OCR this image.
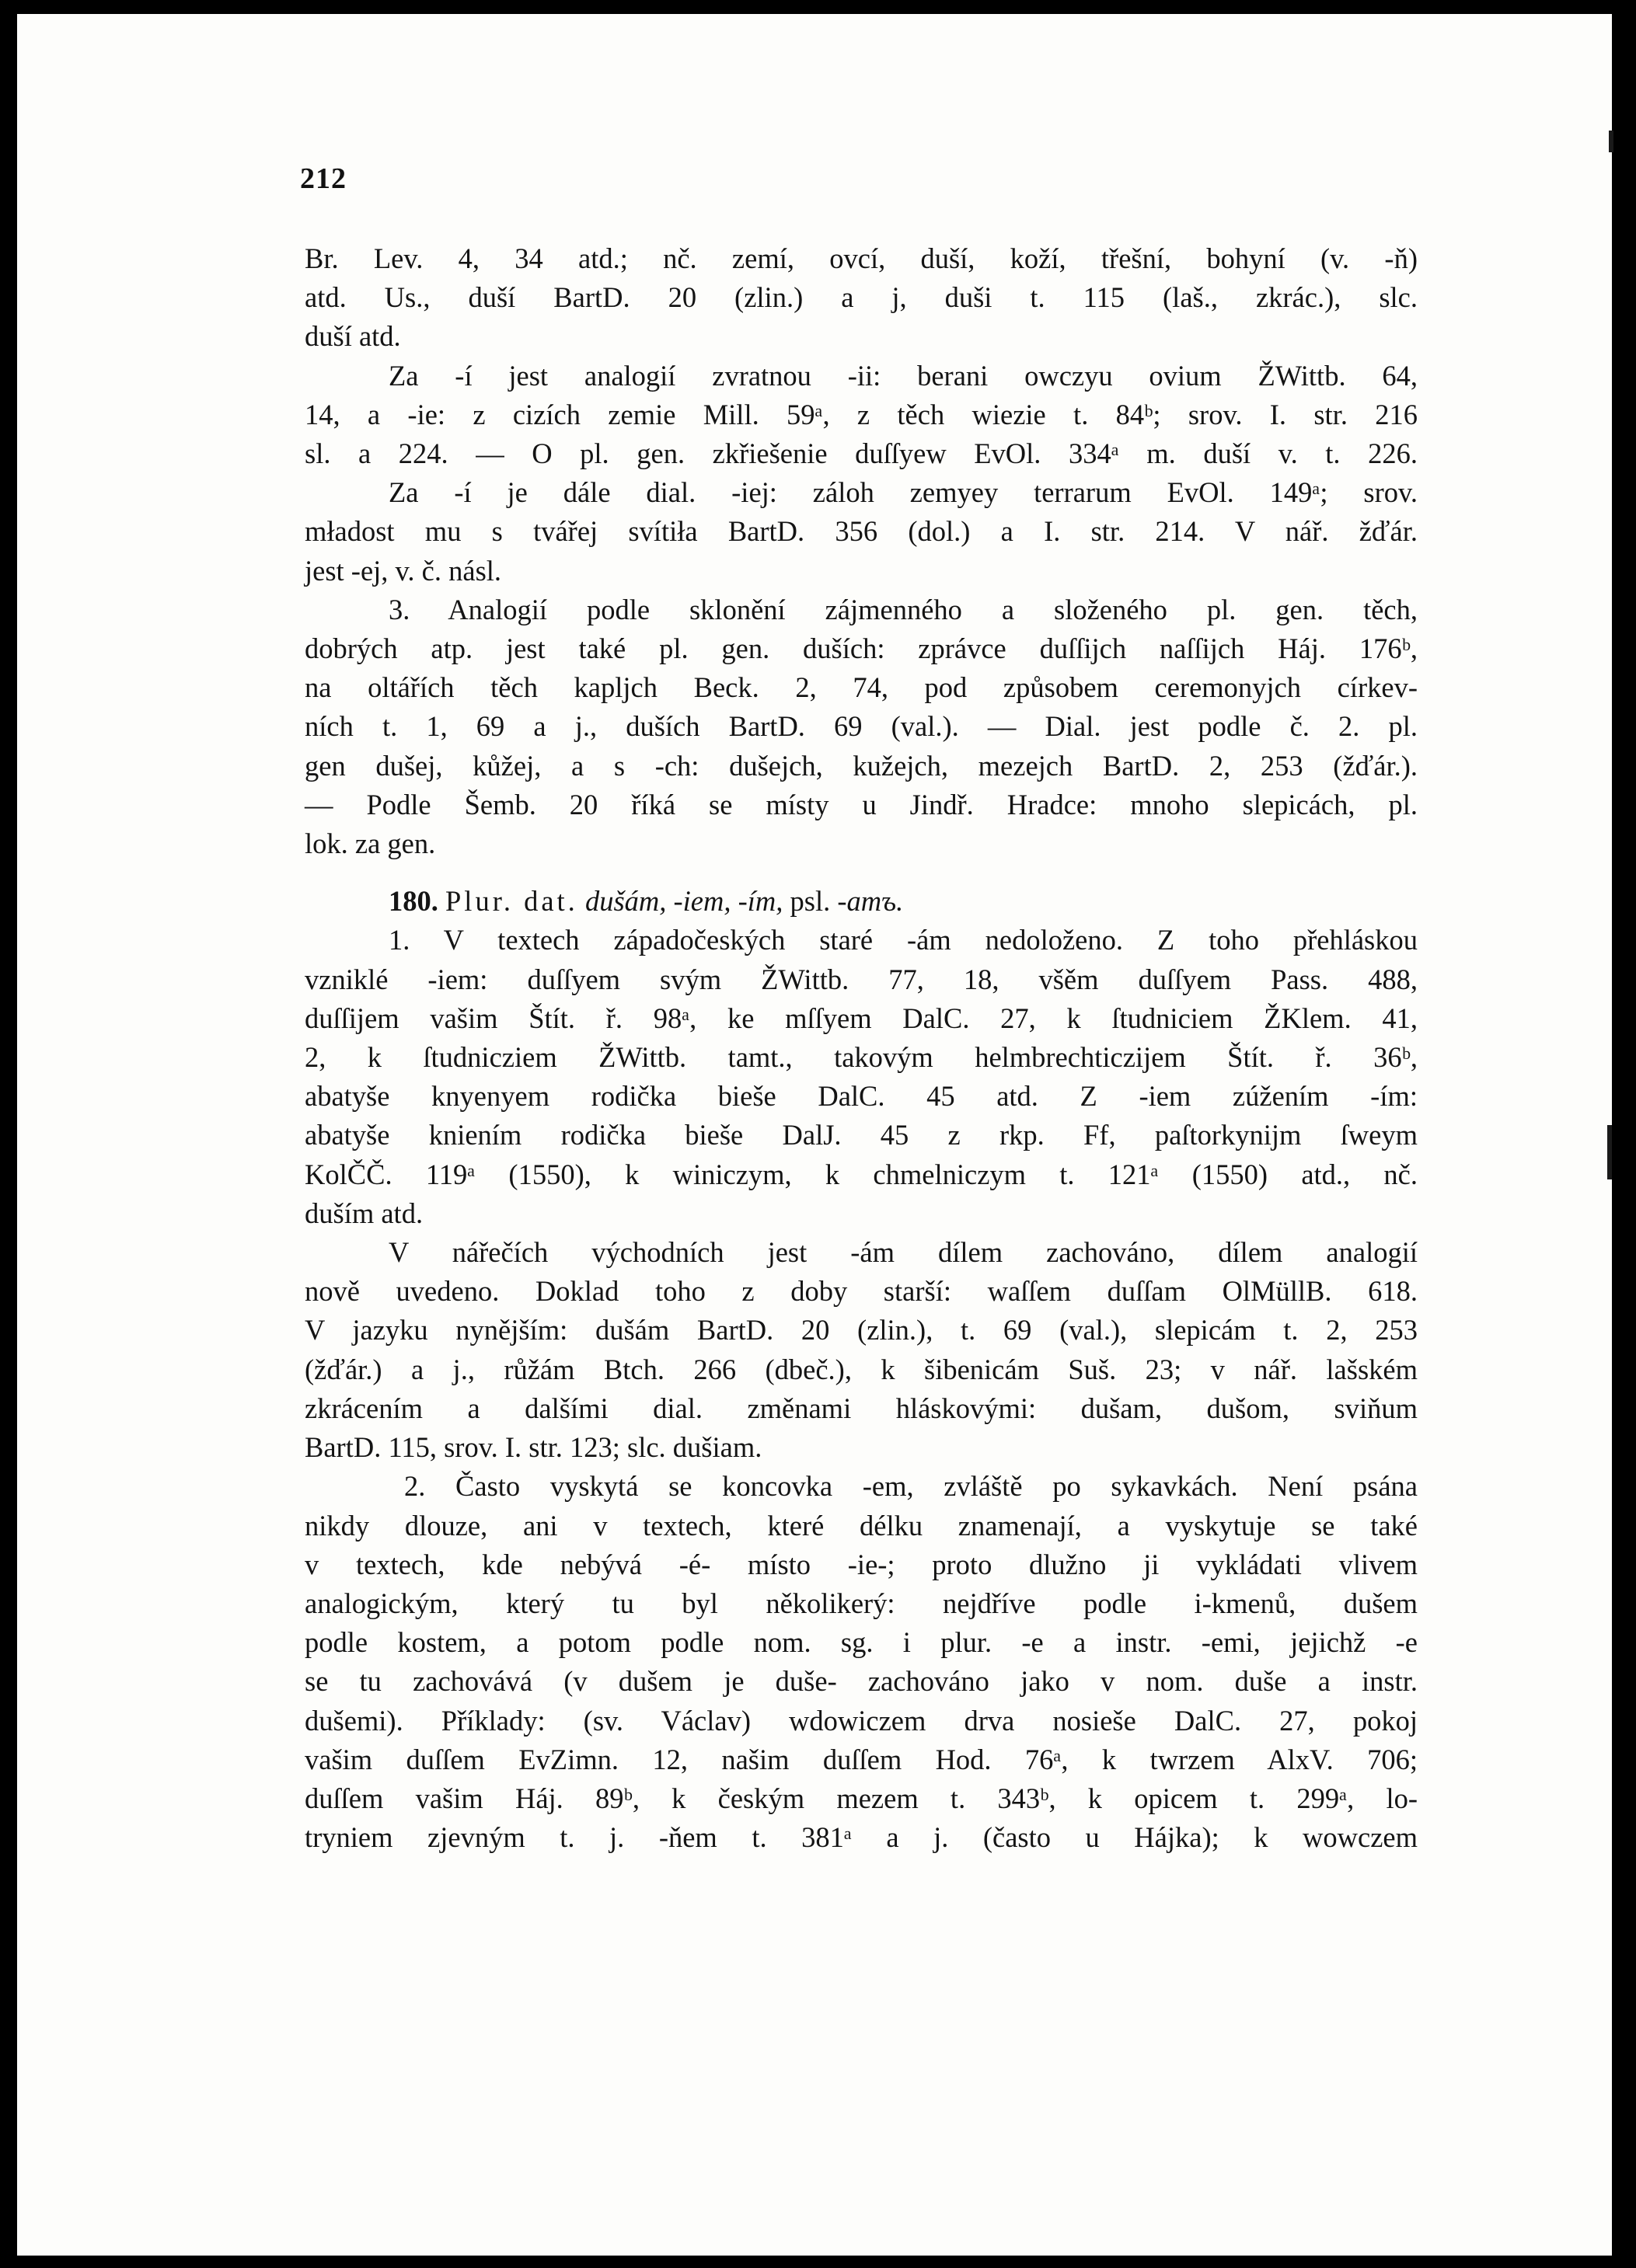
212
Br. Lev. 4, 34 atd.; nč. zemí, ovcí, duší, koží, třešní, bohyní (v. -ň)
atd. Us., duší BartD. 20 (zlin.) a j, duši t. 115 (laš., zkrác.), slc.
duší atd.
Za -í jest analogií zvratnou -ii: berani owczyu ovium ŽWittb. 64,
14, a -ie: z cizích zemie Mill. 59ᵃ, z těch wiezie t. 84ᵇ; srov. I. str. 216
sl. a 224. — O pl. gen. zkřiešenie duſſyew EvOl. 334ᵃ m. duší v. t. 226.
Za -í je dále dial. -iej: záloh zemyey terrarum EvOl. 149ᵃ; srov.
mładost mu s tvářej svítiła BartD. 356 (dol.) a I. str. 214. V nář. žďár.
jest -ej, v. č. násl.
3. Analogií podle sklonění zájmenného a složeného pl. gen. těch,
dobrých atp. jest také pl. gen. duších: zprávce duſſijch naſſijch Háj. 176ᵇ,
na oltářích těch kapljch Beck. 2, 74, pod způsobem ceremonyjch církev-
ních t. 1, 69 a j., duších BartD. 69 (val.). — Dial. jest podle č. 2. pl.
gen dušej, kůžej, a s -ch: dušejch, kužejch, mezejch BartD. 2, 253 (žďár.).
— Podle Šemb. 20 říká se místy u Jindř. Hradce: mnoho slepicách, pl.
lok. za gen.
180. Plur. dat. dušám, -iem, -ím, psl. -amъ.
1. V textech západočeských staré -ám nedoloženo. Z toho přehláskou
vzniklé -iem: duſſyem svým ŽWittb. 77, 18, všěm duſſyem Pass. 488,
duſſijem vašim Štít. ř. 98ᵃ, ke mſſyem DalC. 27, k ſtudniciem ŽKlem. 41,
2, k ſtudnicziem ŽWittb. tamt., takovým helmbrechticzijem Štít. ř. 36ᵇ,
abatyše knyenyem rodička bieše DalC. 45 atd. Z -iem zúžením -ím:
abatyše kniením rodička bieše DalJ. 45 z rkp. Ff, paſtorkynijm ſweym
KolČČ. 119ᵃ (1550), k winiczym, k chmelniczym t. 121ᵃ (1550) atd., nč.
duším atd.
V nářečích východních jest -ám dílem zachováno, dílem analogií
nově uvedeno. Doklad toho z doby starší: waſſem duſſam OlMüllB. 618.
V jazyku nynějším: dušám BartD. 20 (zlin.), t. 69 (val.), slepicám t. 2, 253
(žďár.) a j., růžám Btch. 266 (dbeč.), k šibenicám Suš. 23; v nář. lašském
zkrácením a dalšími dial. změnami hláskovými: dušam, dušom, sviňum
BartD. 115, srov. I. str. 123; slc. dušiam.
2. Často vyskytá se koncovka -em, zvláště po sykavkách. Není psána
nikdy dlouze, ani v textech, které délku znamenají, a vyskytuje se také
v textech, kde nebývá -é- místo -ie-; proto dlužno ji vykládati vlivem
analogickým, který tu byl několikerý: nejdříve podle i-kmenů, dušem
podle kostem, a potom podle nom. sg. i plur. -e a instr. -emi, jejichž -e
se tu zachovává (v dušem je duše- zachováno jako v nom. duše a instr.
dušemi). Příklady: (sv. Václav) wdowiczem drva nosieše DalC. 27, pokoj
vašim duſſem EvZimn. 12, našim duſſem Hod. 76ᵃ, k twrzem AlxV. 706;
duſſem vašim Háj. 89ᵇ, k českým mezem t. 343ᵇ, k opicem t. 299ᵃ, lo-
tryniem zjevným t. j. -ňem t. 381ᵃ a j. (často u Hájka); k wowczem
